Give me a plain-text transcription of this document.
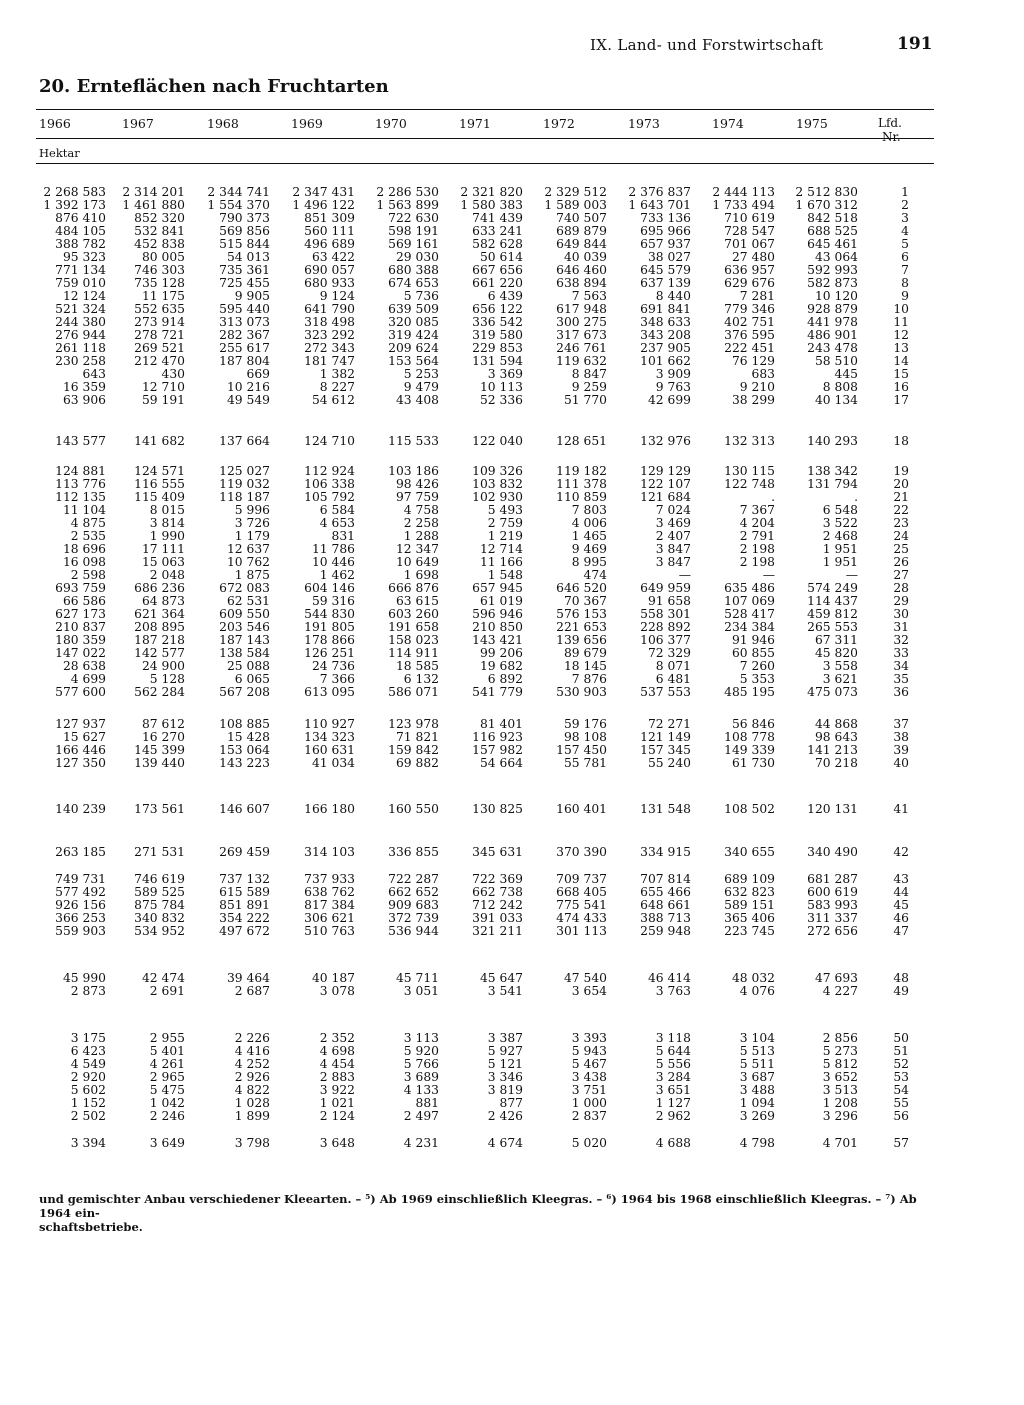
IX. Land- und Forstwirtschaft	191
20. Ernteflächen nach Fruchtarten
1966	1967	1968	1969	1970	1971	1972	1973	1974	1975	Lfd.
Nr.
Hektar
2 268 583	2 314 201	2 344 741	2 347 431	2 286 530	2 321 820	2 329 512	2 376 837	2 444 113	2 512 830	1
1 392 173	1 461 880	1 554 370	1 496 122	1 563 899	1 580 383	1 589 003	1 643 701	1 733 494	1 670 312	2
876 410	852 320	790 373	851 309	722 630	741 439	740 507	733 136	710 619	842 518	3
484 105	532 841	569 856	560 111	598 191	633 241	689 879	695 966	728 547	688 525	4
388 782	452 838	515 844	496 689	569 161	582 628	649 844	657 937	701 067	645 461	5
95 323	80 005	54 013	63 422	29 030	50 614	40 039	38 027	27 480	43 064	6
771 134	746 303	735 361	690 057	680 388	667 656	646 460	645 579	636 957	592 993	7
759 010	735 128	725 455	680 933	674 653	661 220	638 894	637 139	629 676	582 873	8
12 124	11 175	9 905	9 124	5 736	6 439	7 563	8 440	7 281	10 120	9
521 324	552 635	595 440	641 790	639 509	656 122	617 948	691 841	779 346	928 879	10
244 380	273 914	313 073	318 498	320 085	336 542	300 275	348 633	402 751	441 978	11
276 944	278 721	282 367	323 292	319 424	319 580	317 673	343 208	376 595	486 901	12
261 118	269 521	255 617	272 343	209 624	229 853	246 761	237 905	222 451	243 478	13
230 258	212 470	187 804	181 747	153 564	131 594	119 632	101 662	76 129	58 510	14
643	430	669	1 382	5 253	3 369	8 847	3 909	683	445	15
16 359	12 710	10 216	8 227	9 479	10 113	9 259	9 763	9 210	8 808	16
63 906	59 191	49 549	54 612	43 408	52 336	51 770	42 699	38 299	40 134	17
143 577	141 682	137 664	124 710	115 533	122 040	128 651	132 976	132 313	140 293	18
124 881	124 571	125 027	112 924	103 186	109 326	119 182	129 129	130 115	138 342	19
113 776	116 555	119 032	106 338	98 426	103 832	111 378	122 107	122 748	131 794	20
112 135	115 409	118 187	105 792	97 759	102 930	110 859	121 684	.	.	21
11 104	8 015	5 996	6 584	4 758	5 493	7 803	7 024	7 367	6 548	22
4 875	3 814	3 726	4 653	2 258	2 759	4 006	3 469	4 204	3 522	23
2 535	1 990	1 179	831	1 288	1 219	1 465	2 407	2 791	2 468	24
18 696	17 111	12 637	11 786	12 347	12 714	9 469	3 847	2 198	1 951	25
16 098	15 063	10 762	10 446	10 649	11 166	8 995	3 847	2 198	1 951	26
2 598	2 048	1 875	1 462	1 698	1 548	474	—	—	—	27
693 759	686 236	672 083	604 146	666 876	657 945	646 520	649 959	635 486	574 249	28
66 586	64 873	62 531	59 316	63 615	61 019	70 367	91 658	107 069	114 437	29
627 173	621 364	609 550	544 830	603 260	596 946	576 153	558 301	528 417	459 812	30
210 837	208 895	203 546	191 805	191 658	210 850	221 653	228 892	234 384	265 553	31
180 359	187 218	187 143	178 866	158 023	143 421	139 656	106 377	91 946	67 311	32
147 022	142 577	138 584	126 251	114 911	99 206	89 679	72 329	60 855	45 820	33
28 638	24 900	25 088	24 736	18 585	19 682	18 145	8 071	7 260	3 558	34
4 699	5 128	6 065	7 366	6 132	6 892	7 876	6 481	5 353	3 621	35
577 600	562 284	567 208	613 095	586 071	541 779	530 903	537 553	485 195	475 073	36
127 937	87 612	108 885	110 927	123 978	81 401	59 176	72 271	56 846	44 868	37
15 627	16 270	15 428	134 323	71 821	116 923	98 108	121 149	108 778	98 643	38
166 446	145 399	153 064	160 631	159 842	157 982	157 450	157 345	149 339	141 213	39
127 350	139 440	143 223	41 034	69 882	54 664	55 781	55 240	61 730	70 218	40
140 239	173 561	146 607	166 180	160 550	130 825	160 401	131 548	108 502	120 131	41
263 185	271 531	269 459	314 103	336 855	345 631	370 390	334 915	340 655	340 490	42
749 731	746 619	737 132	737 933	722 287	722 369	709 737	707 814	689 109	681 287	43
577 492	589 525	615 589	638 762	662 652	662 738	668 405	655 466	632 823	600 619	44
926 156	875 784	851 891	817 384	909 683	712 242	775 541	648 661	589 151	583 993	45
366 253	340 832	354 222	306 621	372 739	391 033	474 433	388 713	365 406	311 337	46
559 903	534 952	497 672	510 763	536 944	321 211	301 113	259 948	223 745	272 656	47
45 990	42 474	39 464	40 187	45 711	45 647	47 540	46 414	48 032	47 693	48
2 873	2 691	2 687	3 078	3 051	3 541	3 654	3 763	4 076	4 227	49
3 175	2 955	2 226	2 352	3 113	3 387	3 393	3 118	3 104	2 856	50
6 423	5 401	4 416	4 698	5 920	5 927	5 943	5 644	5 513	5 273	51
4 549	4 261	4 252	4 454	5 766	5 121	5 467	5 556	5 511	5 812	52
2 920	2 965	2 926	2 883	3 689	3 346	3 438	3 284	3 687	3 652	53
5 602	5 475	4 822	3 922	4 133	3 819	3 751	3 651	3 488	3 513	54
1 152	1 042	1 028	1 021	881	877	1 000	1 127	1 094	1 208	55
2 502	2 246	1 899	2 124	2 497	2 426	2 837	2 962	3 269	3 296	56
3 394	3 649	3 798	3 648	4 231	4 674	5 020	4 688	4 798	4 701	57
und gemischter Anbau verschiedener Kleearten. – ⁵) Ab 1969 einschließlich Kleegras. – ⁶) 1964 bis 1968 einschließlich Kleegras. – ⁷) Ab 1964 ein-
schaftsbetriebe.
